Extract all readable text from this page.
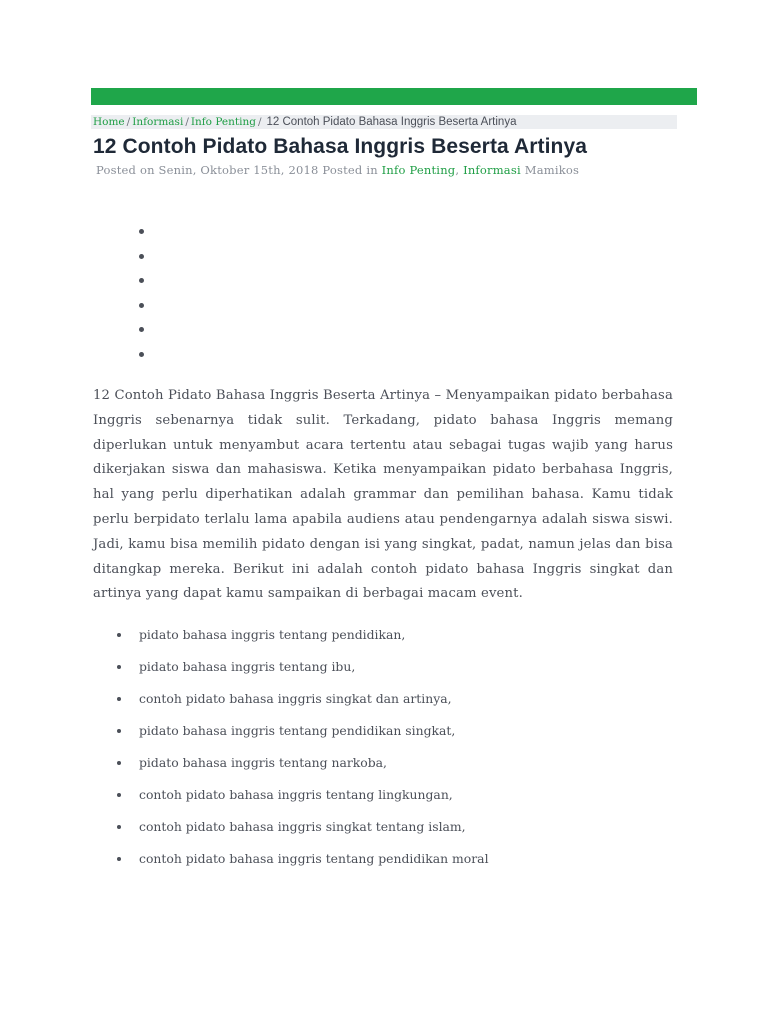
Home / Informasi / Info Penting / 12 Contoh Pidato Bahasa Inggris Beserta Artinya
12 Contoh Pidato Bahasa Inggris Beserta Artinya
Posted on Senin, Oktober 15th, 2018 Posted in Info Penting, Informasi Mamikos

12 Contoh Pidato Bahasa Inggris Beserta Artinya – Menyampaikan pidato berbahasa Inggris sebenarnya tidak sulit. Terkadang, pidato bahasa Inggris memang diperlukan untuk menyambut acara tertentu atau sebagai tugas wajib yang harus dikerjakan siswa dan mahasiswa. Ketika menyampaikan pidato berbahasa Inggris, hal yang perlu diperhatikan adalah grammar dan pemilihan bahasa. Kamu tidak perlu berpidato terlalu lama apabila audiens atau pendengarnya adalah siswa siswi. Jadi, kamu bisa memilih pidato dengan isi yang singkat, padat, namun jelas dan bisa ditangkap mereka. Berikut ini adalah contoh pidato bahasa Inggris singkat dan artinya yang dapat kamu sampaikan di berbagai macam event.

pidato bahasa inggris tentang pendidikan,
pidato bahasa inggris tentang ibu,
contoh pidato bahasa inggris singkat dan artinya,
pidato bahasa inggris tentang pendidikan singkat,
pidato bahasa inggris tentang narkoba,
contoh pidato bahasa inggris tentang lingkungan,
contoh pidato bahasa inggris singkat tentang islam,
contoh pidato bahasa inggris tentang pendidikan moral
